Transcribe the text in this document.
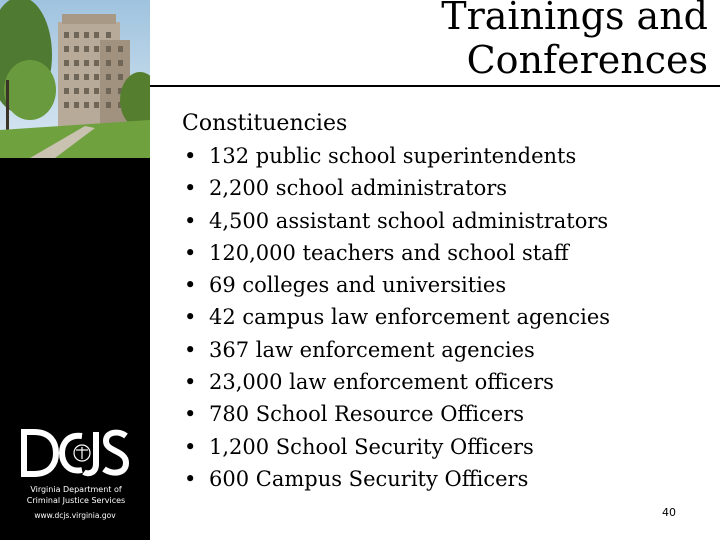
Virginia Department of Criminal Justice Services
www.dcjs.virginia.gov
Trainings and Conferences
Constituencies
• 132 public school superintendents
• 2,200 school administrators
• 4,500 assistant school administrators
• 120,000 teachers and school staff
• 69 colleges and universities
• 42 campus law enforcement agencies
• 367 law enforcement agencies
• 23,000 law enforcement officers
• 780 School Resource Officers
• 1,200 School Security Officers
• 600 Campus Security Officers
40
